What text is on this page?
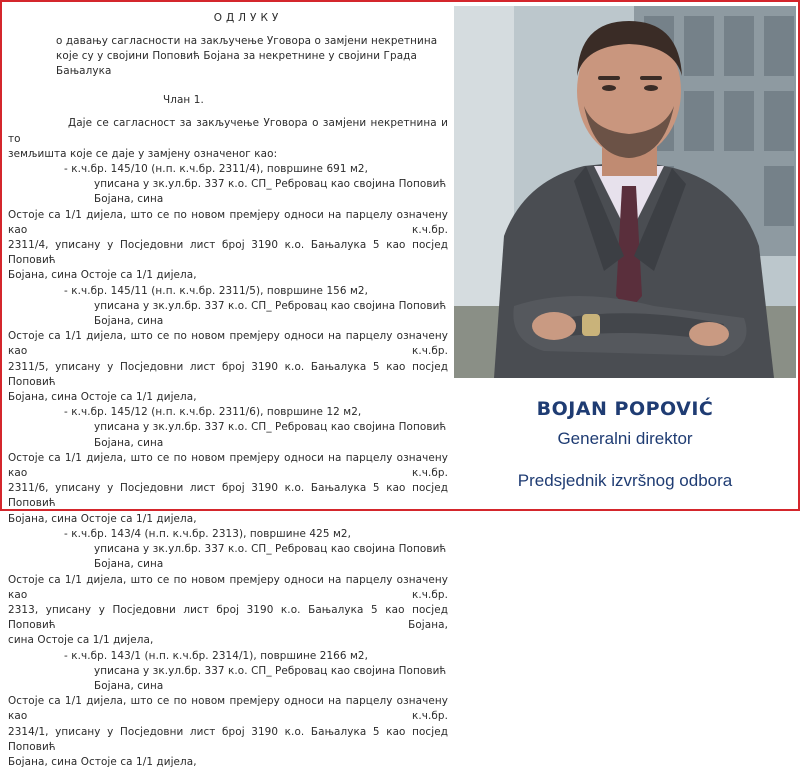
ОДЛУКУ

о давању сагласности на закључење Уговора о замјени некретнина

које су у својини Поповић Бојана за некретнине у својини Града Бањалука

Члан 1.

Даје се сагласност за закључење Уговора о замјени некретнина и то

земљишта које се даје у замјену означеног као:

- к.ч.бр. 145/10 (н.п. к.ч.бр. 2311/4), површине 691 м2,

уписана у зк.ул.бр. 337 к.о. СП_ Ребровац као својина Поповић Бојана, сина

Остоје са 1/1 дијела, што се по новом премјеру односи на парцелу означену као к.ч.бр.

2311/4, уписану у Посједовни лист број 3190 к.о. Бањалука 5 као посјед Поповић

Бојана, сина Остоје са 1/1 дијела,

- к.ч.бр. 145/11 (н.п. к.ч.бр. 2311/5), површине 156 м2,

уписана у зк.ул.бр. 337 к.о. СП_ Ребровац као својина Поповић Бојана, сина

Остоје са 1/1 дијела, што се по новом премјеру односи на парцелу означену као к.ч.бр.

2311/5, уписану у Посједовни лист број 3190 к.о. Бањалука 5 као посјед Поповић

Бојана, сина Остоје са 1/1 дијела,

- к.ч.бр. 145/12 (н.п. к.ч.бр. 2311/6), површине 12 м2,

уписана у зк.ул.бр. 337 к.о. СП_ Ребровац као својина Поповић Бојана, сина

Остоје са 1/1 дијела, што се по новом премјеру односи на парцелу означену као к.ч.бр.

2311/6, уписану у Посједовни лист број 3190 к.о. Бањалука 5 као посјед Поповић

Бојана, сина Остоје са 1/1 дијела,

- к.ч.бр. 143/4 (н.п. к.ч.бр. 2313), површине 425 м2,

уписана у зк.ул.бр. 337 к.о. СП_ Ребровац као својина Поповић Бојана, сина

Остоје са 1/1 дијела, што се по новом премјеру односи на парцелу означену као к.ч.бр.

2313, уписану у Посједовни лист број 3190 к.о. Бањалука 5 као посјед Поповић Бојана,

сина Остоје са 1/1 дијела,

- к.ч.бр. 143/1 (н.п. к.ч.бр. 2314/1), површине 2166 м2,

уписана у зк.ул.бр. 337 к.о. СП_ Ребровац као својина Поповић Бојана, сина

Остоје са 1/1 дијела, што се по новом премјеру односи на парцелу означену као к.ч.бр.

2314/1, уписану у Посједовни лист број 3190 к.о. Бањалука 5 као посјед Поповић

Бојана, сина Остоје са 1/1 дијела,

BOJAN POPOVIĆ
Generalni direktor
Predsjednik izvršnog odbora
